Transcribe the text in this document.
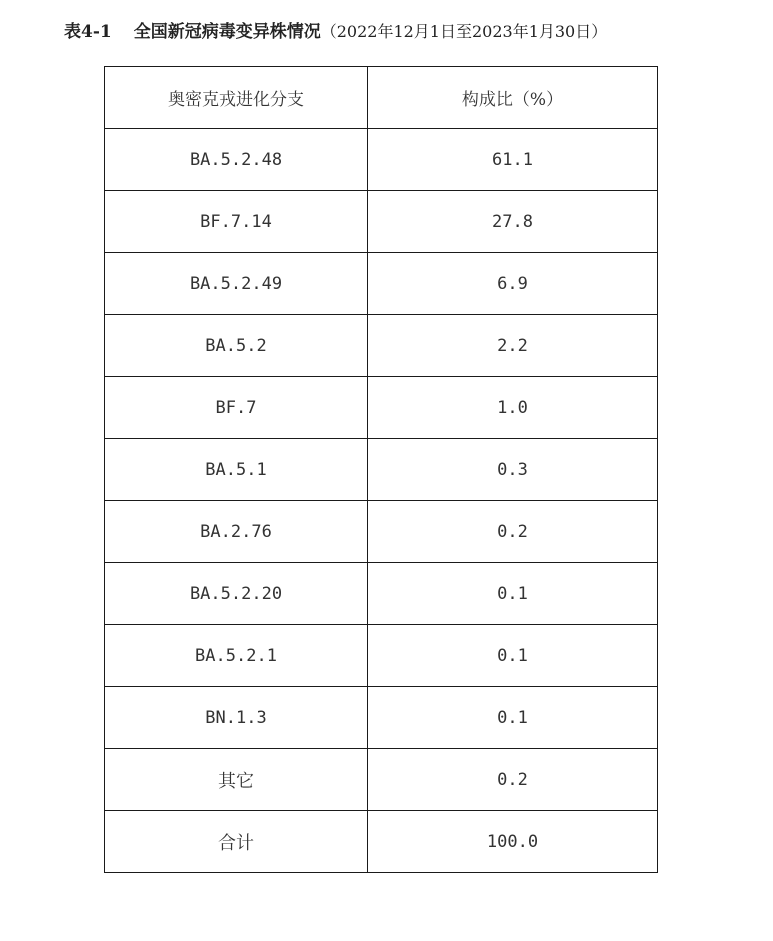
表4-1 全国新冠病毒变异株情况（2022年12月1日至2023年1月30日）
奥密克戎进化分支	构成比（%）
BA.5.2.48	61.1
BF.7.14	27.8
BA.5.2.49	6.9
BA.5.2	2.2
BF.7	1.0
BA.5.1	0.3
BA.2.76	0.2
BA.5.2.20	0.1
BA.5.2.1	0.1
BN.1.3	0.1
其它	0.2
合计	100.0
